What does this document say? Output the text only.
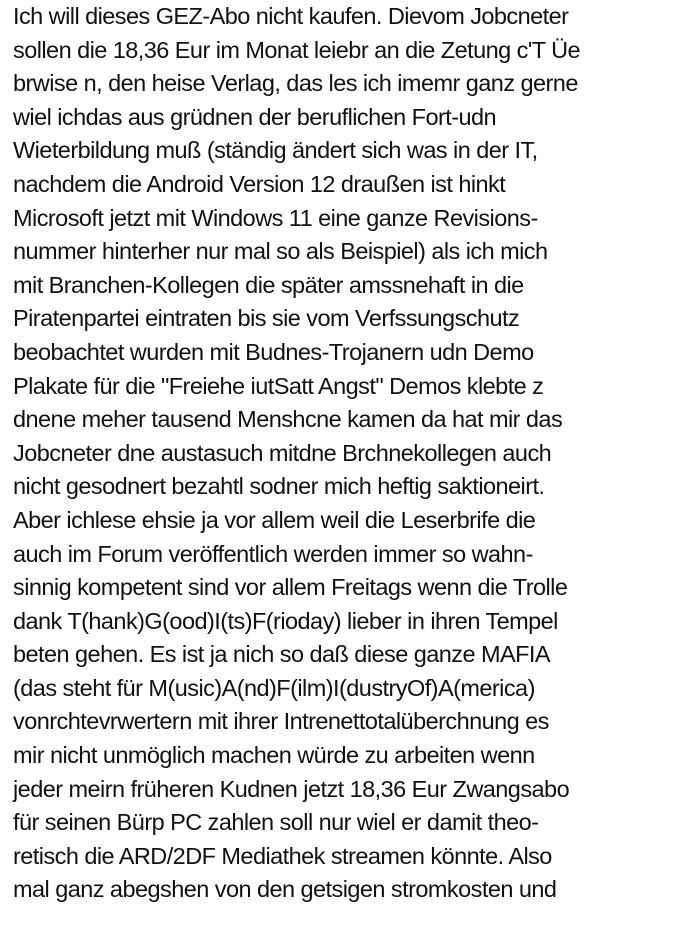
Ich will dieses GEZ-Abo nicht kaufen. Dievom Jobcneter
sollen die 18,36 Eur im Monat leiebr an die Zetung c'T Üe
brwise n, den heise Verlag, das les ich imemr ganz gerne
wiel ichdas aus grüdnen der beruflichen Fort-udn
Wieterbildung muß (ständig ändert sich was in der IT,
nachdem die Android Version 12 draußen ist hinkt
Microsoft jetzt mit Windows 11 eine ganze Revisions-
nummer hinterher nur mal so als Beispiel) als ich mich
mit Branchen-Kollegen die später amssnehaft in die
Piratenpartei eintraten bis sie vom Verfssungschutz
beobachtet wurden mit Budnes-Trojanern udn Demo
Plakate für die "Freiehe iutSatt Angst" Demos klebte z
dnene meher tausend Menshcne kamen da hat mir das
Jobcneter dne austasuch mitdne Brchnekollegen auch
nicht gesodnert bezahtl sodner mich heftig saktioneirt.
Aber ichlese ehsie ja vor allem weil die Leserbrife die
auch im Forum veröffentlich werden immer so wahn-
sinnig kompetent sind vor allem Freitags wenn die Trolle
dank T(hank)G(ood)I(ts)F(rioday) lieber in ihren Tempel
beten gehen. Es ist ja nich so daß diese ganze MAFIA
(das steht für M(usic)A(nd)F(ilm)I(dustryOf)A(merica)
vonrchtevrwertern mit ihrer Intrenettotalüberchnung es
mir nicht unmöglich machen würde zu arbeiten wenn
jeder meirn früheren Kudnen jetzt 18,36 Eur Zwangsabo
für seinen Bürp PC zahlen soll nur wiel er damit theo-
retisch die ARD/2DF Mediathek streamen könnte. Also
mal ganz abegshen von den getsigen stromkosten und
